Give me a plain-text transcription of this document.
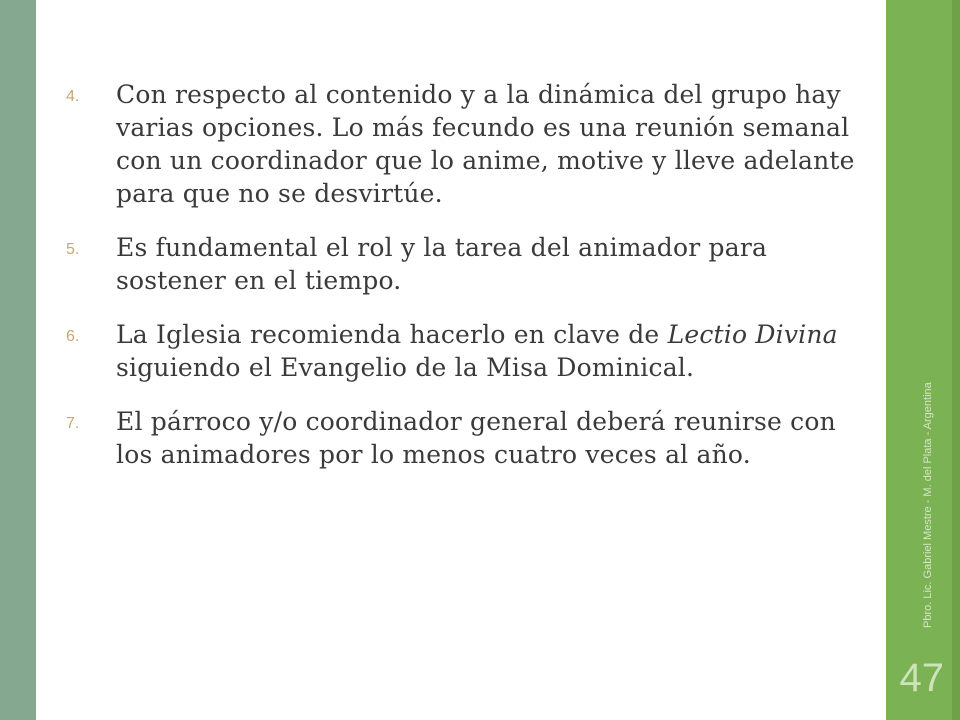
4.	Con respecto al contenido y a la dinámica del grupo hay varias opciones. Lo más fecundo es una reunión semanal con un coordinador que lo anime, motive y lleve adelante para que no se desvirtúe.
5.	Es fundamental el rol y la tarea del animador para sostener en el tiempo.
6.	La Iglesia recomienda hacerlo en clave de Lectio Divina siguiendo el Evangelio de la Misa Dominical.
7.	El párroco y/o coordinador general deberá reunirse con los animadores por lo menos cuatro veces al año.	Pbro. Lic. Gabriel Mestre - M. del Plata - Argentina
47
